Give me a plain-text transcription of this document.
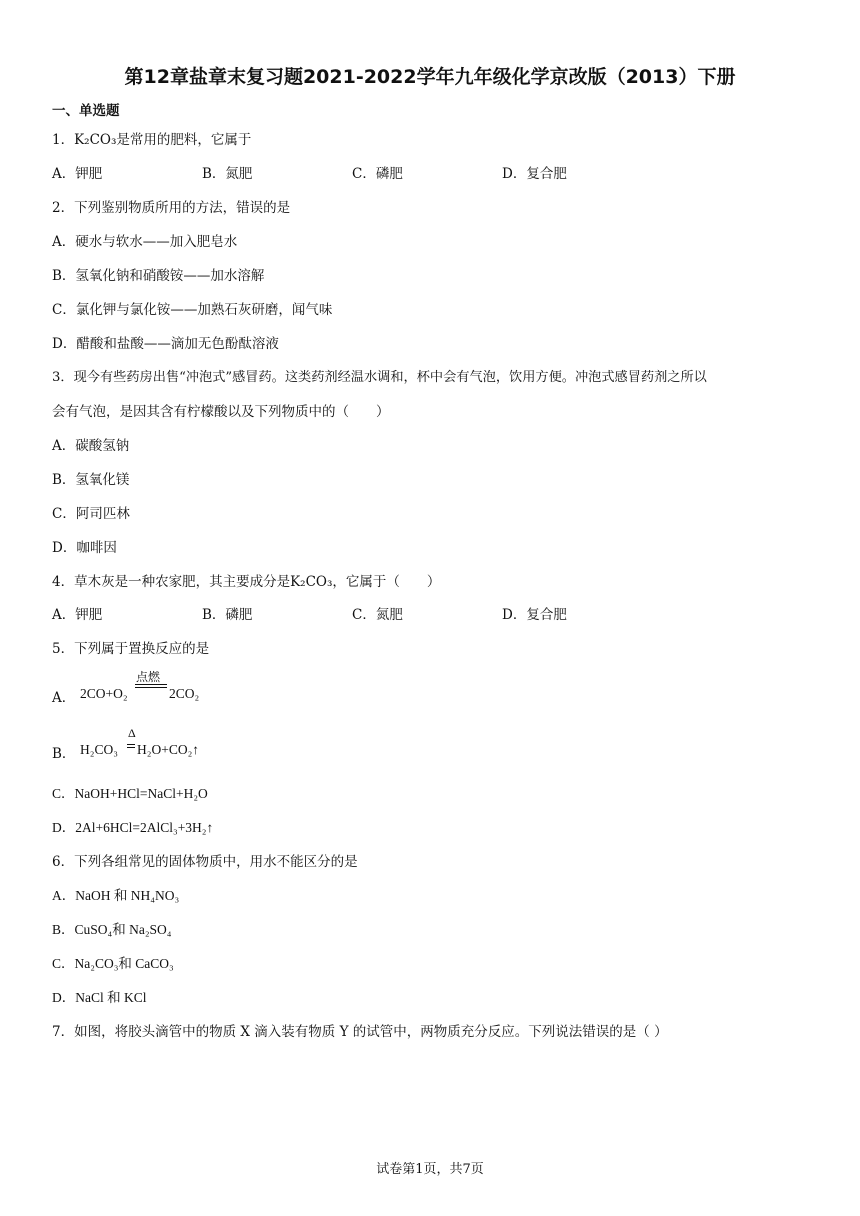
第12章盐章末复习题2021-2022学年九年级化学京改版（2013）下册
一、单选题
1．K₂CO₃是常用的肥料，它属于
A．钾肥	B．氮肥	C．磷肥	D．复合肥
2．下列鉴别物质所用的方法，错误的是
A．硬水与软水——加入肥皂水
B．氢氧化钠和硝酸铵——加水溶解
C．氯化钾与氯化铵——加熟石灰研磨，闻气味
D．醋酸和盐酸——滴加无色酚酞溶液
3．现今有些药房出售“冲泡式”感冒药。这类药剂经温水调和，杯中会有气泡，饮用方便。冲泡式感冒药剂之所以
会有气泡，是因其含有柠檬酸以及下列物质中的（　　）
A．碳酸氢钠
B．氢氧化镁
C．阿司匹林
D．咖啡因
4．草木灰是一种农家肥，其主要成分是K₂CO₃，它属于（　　）
A．钾肥	B．磷肥	C．氮肥	D．复合肥
5．下列属于置换反应的是
A． 2CO+O₂
点燃
2CO₂
B． H₂CO₃
Δ
H₂O+CO₂↑
C．NaOH+HCl=NaCl+H₂O
D．2Al+6HCl=2AlCl₃+3H₂↑
6．下列各组常见的固体物质中，用水不能区分的是
A．NaOH 和 NH₄NO₃
B．CuSO₄和 Na₂SO₄
C．Na₂CO₃和 CaCO₃
D．NaCl 和 KCl
7．如图，将胶头滴管中的物质 X 滴入装有物质 Y 的试管中，两物质充分反应。下列说法错误的是（ ）
试卷第1页，共7页
